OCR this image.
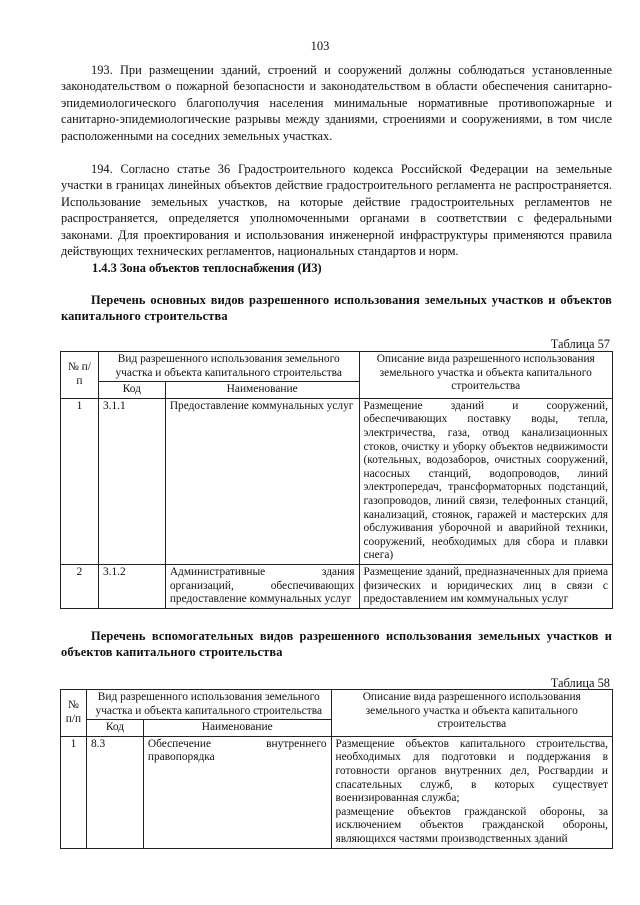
103

193. При размещении зданий, строений и сооружений должны соблюдаться установленные законодательством о пожарной безопасности и законодательством в области обеспечения санитарно-эпидемиологического благополучия населения минимальные нормативные противопожарные и санитарно-эпидемиологические разрывы между зданиями, строениями и сооружениями, в том числе расположенными на соседних земельных участках.

194. Согласно статье 36 Градостроительного кодекса Российской Федерации на земельные участки в границах линейных объектов действие градостроительного регламента не распространяется. Использование земельных участков, на которые действие градостроительных регламентов не распространяется, определяется уполномоченными органами в соответствии с федеральными законами. Для проектирования и использования инженерной инфраструктуры применяются правила действующих технических регламентов, национальных стандартов и норм.

1.4.3 Зона объектов теплоснабжения (И3)

Перечень основных видов разрешенного использования земельных участков и объектов капитального строительства

Таблица 57

№ п/п	Вид разрешенного использования земельного участка и объекта капитального строительства		Описание вида разрешенного использования земельного участка и объекта капитального строительства
	Код	Наименование	
1	3.1.1	Предоставление коммунальных услуг	Размещение зданий и сооружений, обеспечивающих поставку воды, тепла, электричества, газа, отвод канализационных стоков, очистку и уборку объектов недвижимости (котельных, водозаборов, очистных сооружений, насосных станций, водопроводов, линий электропередач, трансформаторных подстанций, газопроводов, линий связи, телефонных станций, канализаций, стоянок, гаражей и мастерских для обслуживания уборочной и аварийной техники, сооружений, необходимых для сбора и плавки снега)
2	3.1.2	Административные здания организаций, обеспечивающих предоставление коммунальных услуг	Размещение зданий, предназначенных для приема физических и юридических лиц в связи с предоставлением им коммунальных услуг

Перечень вспомогательных видов разрешенного использования земельных участков и объектов капитального строительства

Таблица 58

№ п/п	Вид разрешенного использования земельного участка и объекта капитального строительства		Описание вида разрешенного использования земельного участка и объекта капитального строительства
	Код	Наименование	
1	8.3	Обеспечение внутреннего правопорядка	Размещение объектов капитального строительства, необходимых для подготовки и поддержания в готовности органов внутренних дел, Росгвардии и спасательных служб, в которых существует военизированная служба;
размещение объектов гражданской обороны, за исключением объектов гражданской обороны, являющихся частями производственных зданий
